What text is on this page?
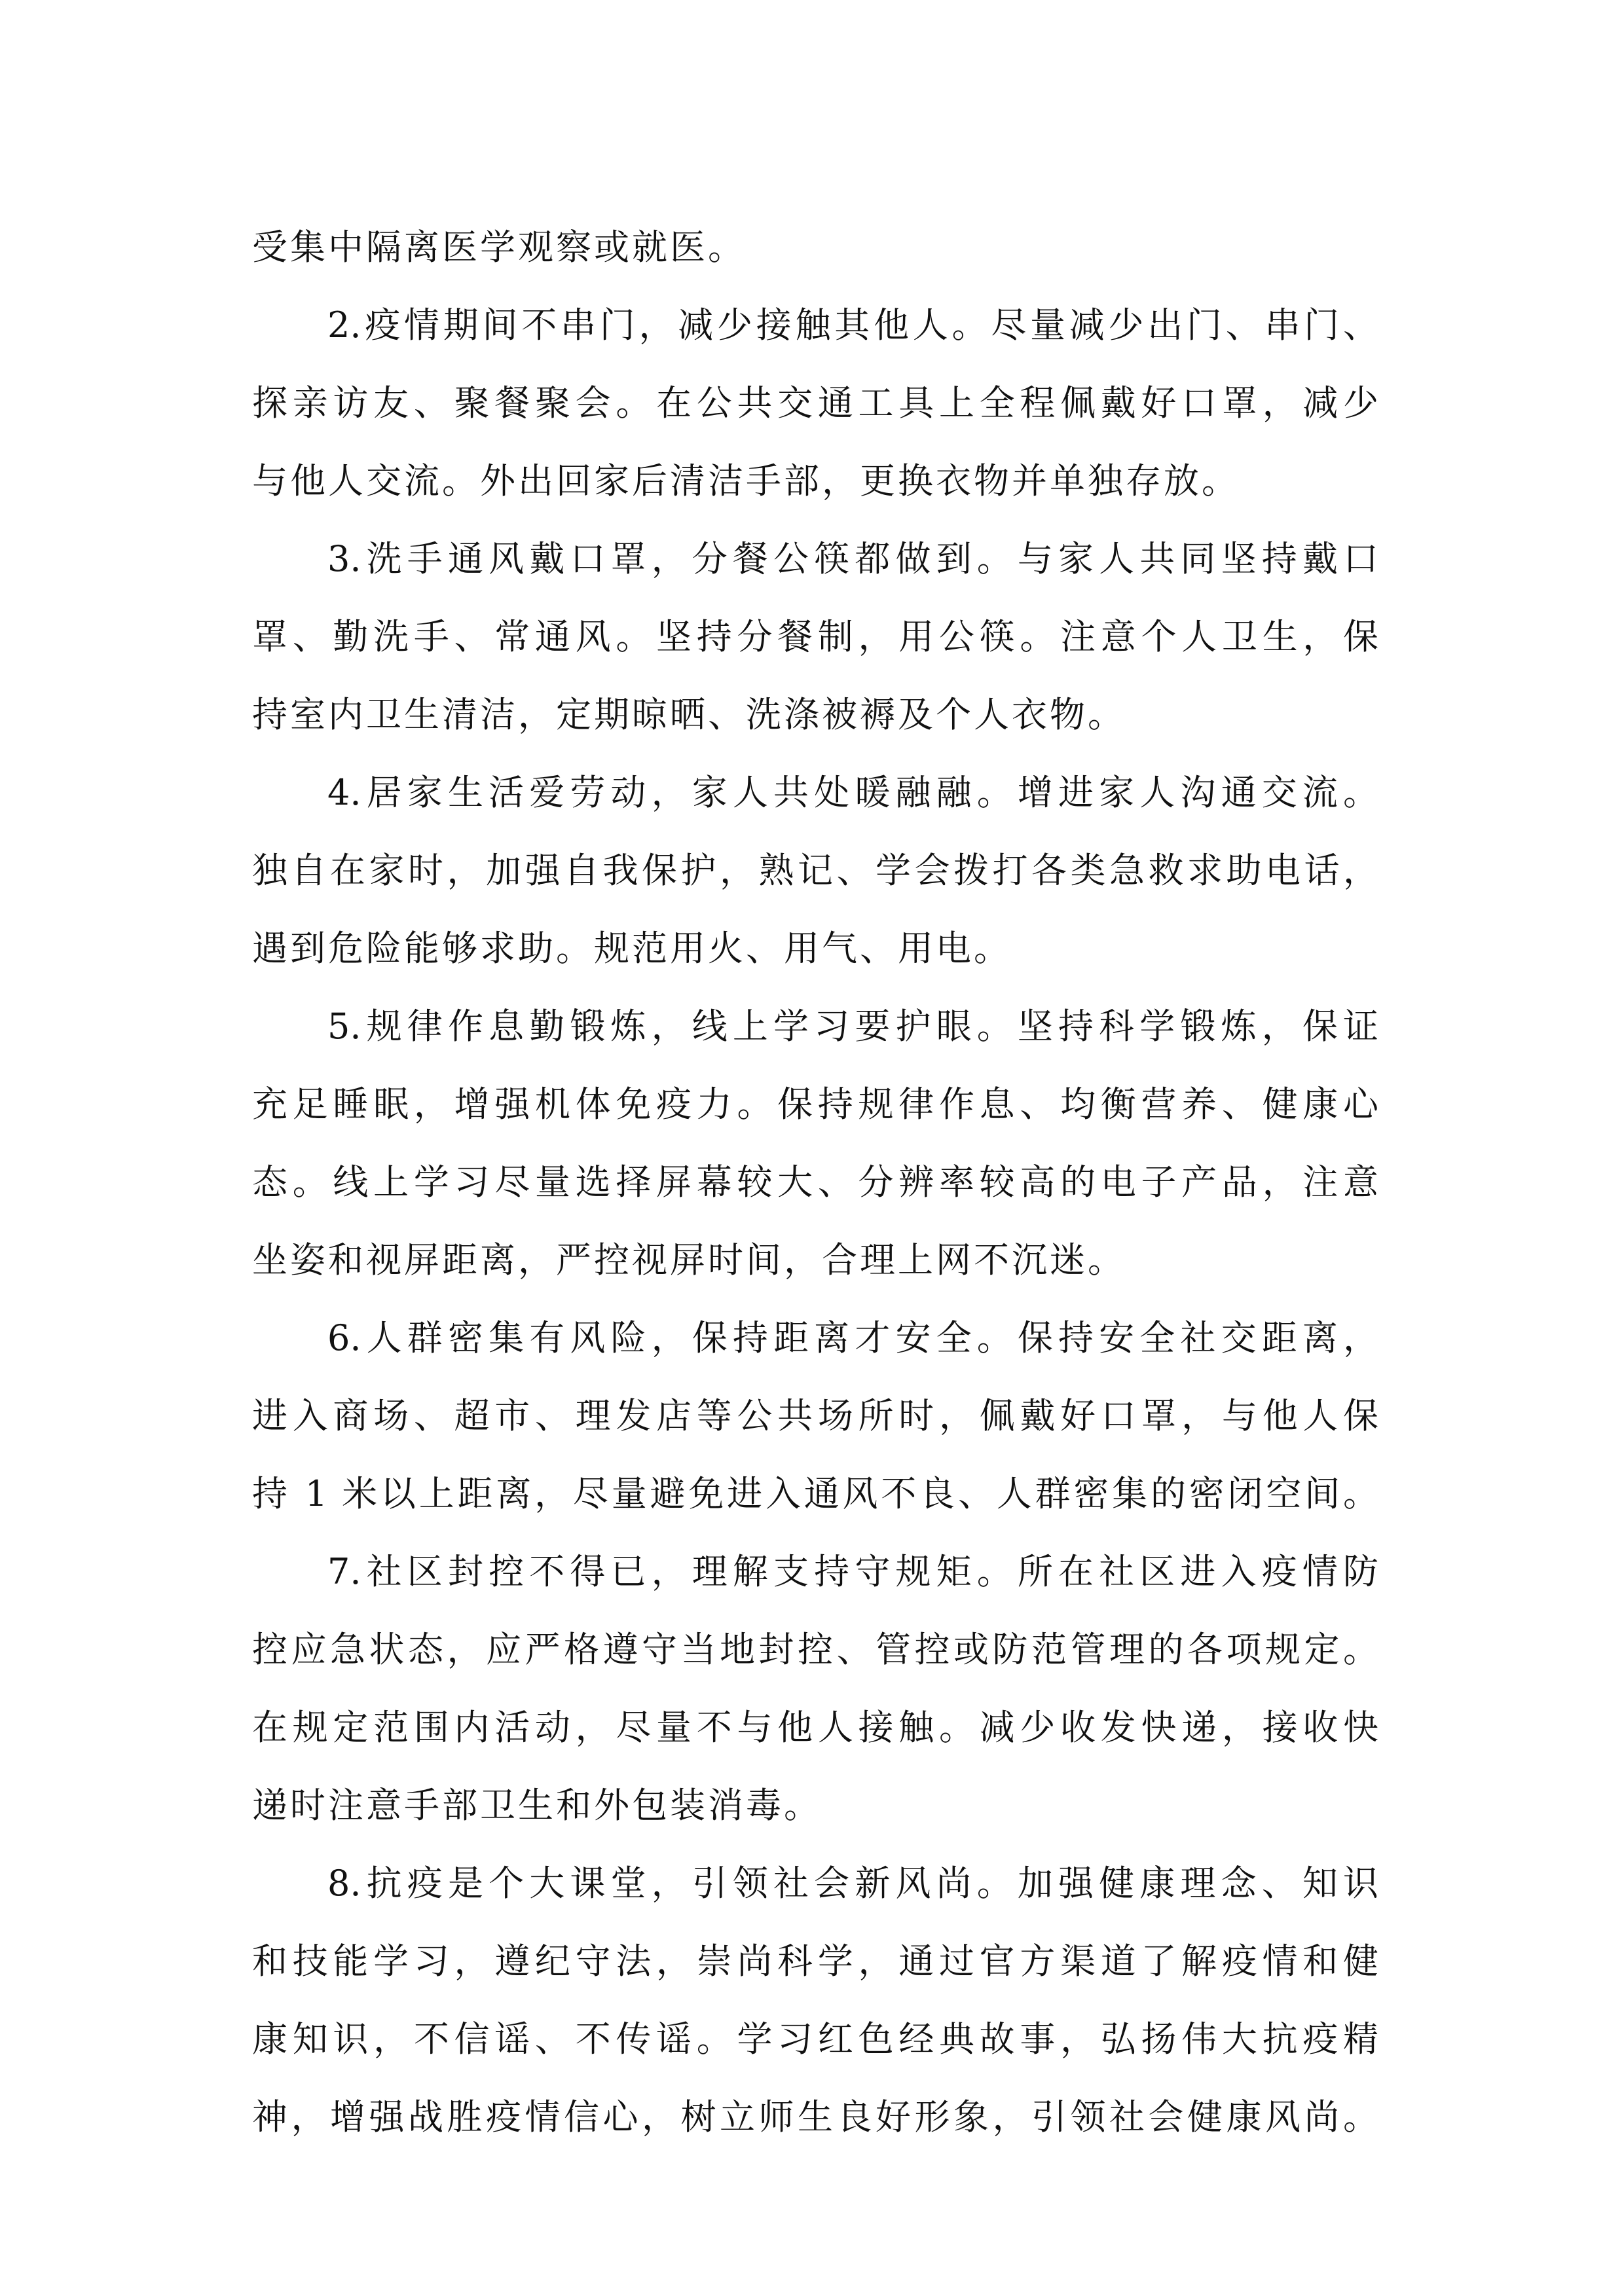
受集中隔离医学观察或就医。
2.疫情期间不串门，减少接触其他人。尽量减少出门、串门、
探亲访友、聚餐聚会。在公共交通工具上全程佩戴好口罩，减少
与他人交流。外出回家后清洁手部，更换衣物并单独存放。
3.洗手通风戴口罩，分餐公筷都做到。与家人共同坚持戴口
罩、勤洗手、常通风。坚持分餐制，用公筷。注意个人卫生，保
持室内卫生清洁，定期晾晒、洗涤被褥及个人衣物。
4.居家生活爱劳动，家人共处暖融融。增进家人沟通交流。
独自在家时，加强自我保护，熟记、学会拨打各类急救求助电话，
遇到危险能够求助。规范用火、用气、用电。
5.规律作息勤锻炼，线上学习要护眼。坚持科学锻炼，保证
充足睡眠，增强机体免疫力。保持规律作息、均衡营养、健康心
态。线上学习尽量选择屏幕较大、分辨率较高的电子产品，注意
坐姿和视屏距离，严控视屏时间，合理上网不沉迷。
6.人群密集有风险，保持距离才安全。保持安全社交距离，
进入商场、超市、理发店等公共场所时，佩戴好口罩，与他人保
持 1 米以上距离，尽量避免进入通风不良、人群密集的密闭空间。
7.社区封控不得已，理解支持守规矩。所在社区进入疫情防
控应急状态，应严格遵守当地封控、管控或防范管理的各项规定。
在规定范围内活动，尽量不与他人接触。减少收发快递，接收快
递时注意手部卫生和外包装消毒。
8.抗疫是个大课堂，引领社会新风尚。加强健康理念、知识
和技能学习，遵纪守法，崇尚科学，通过官方渠道了解疫情和健
康知识，不信谣、不传谣。学习红色经典故事，弘扬伟大抗疫精
神，增强战胜疫情信心，树立师生良好形象，引领社会健康风尚。
